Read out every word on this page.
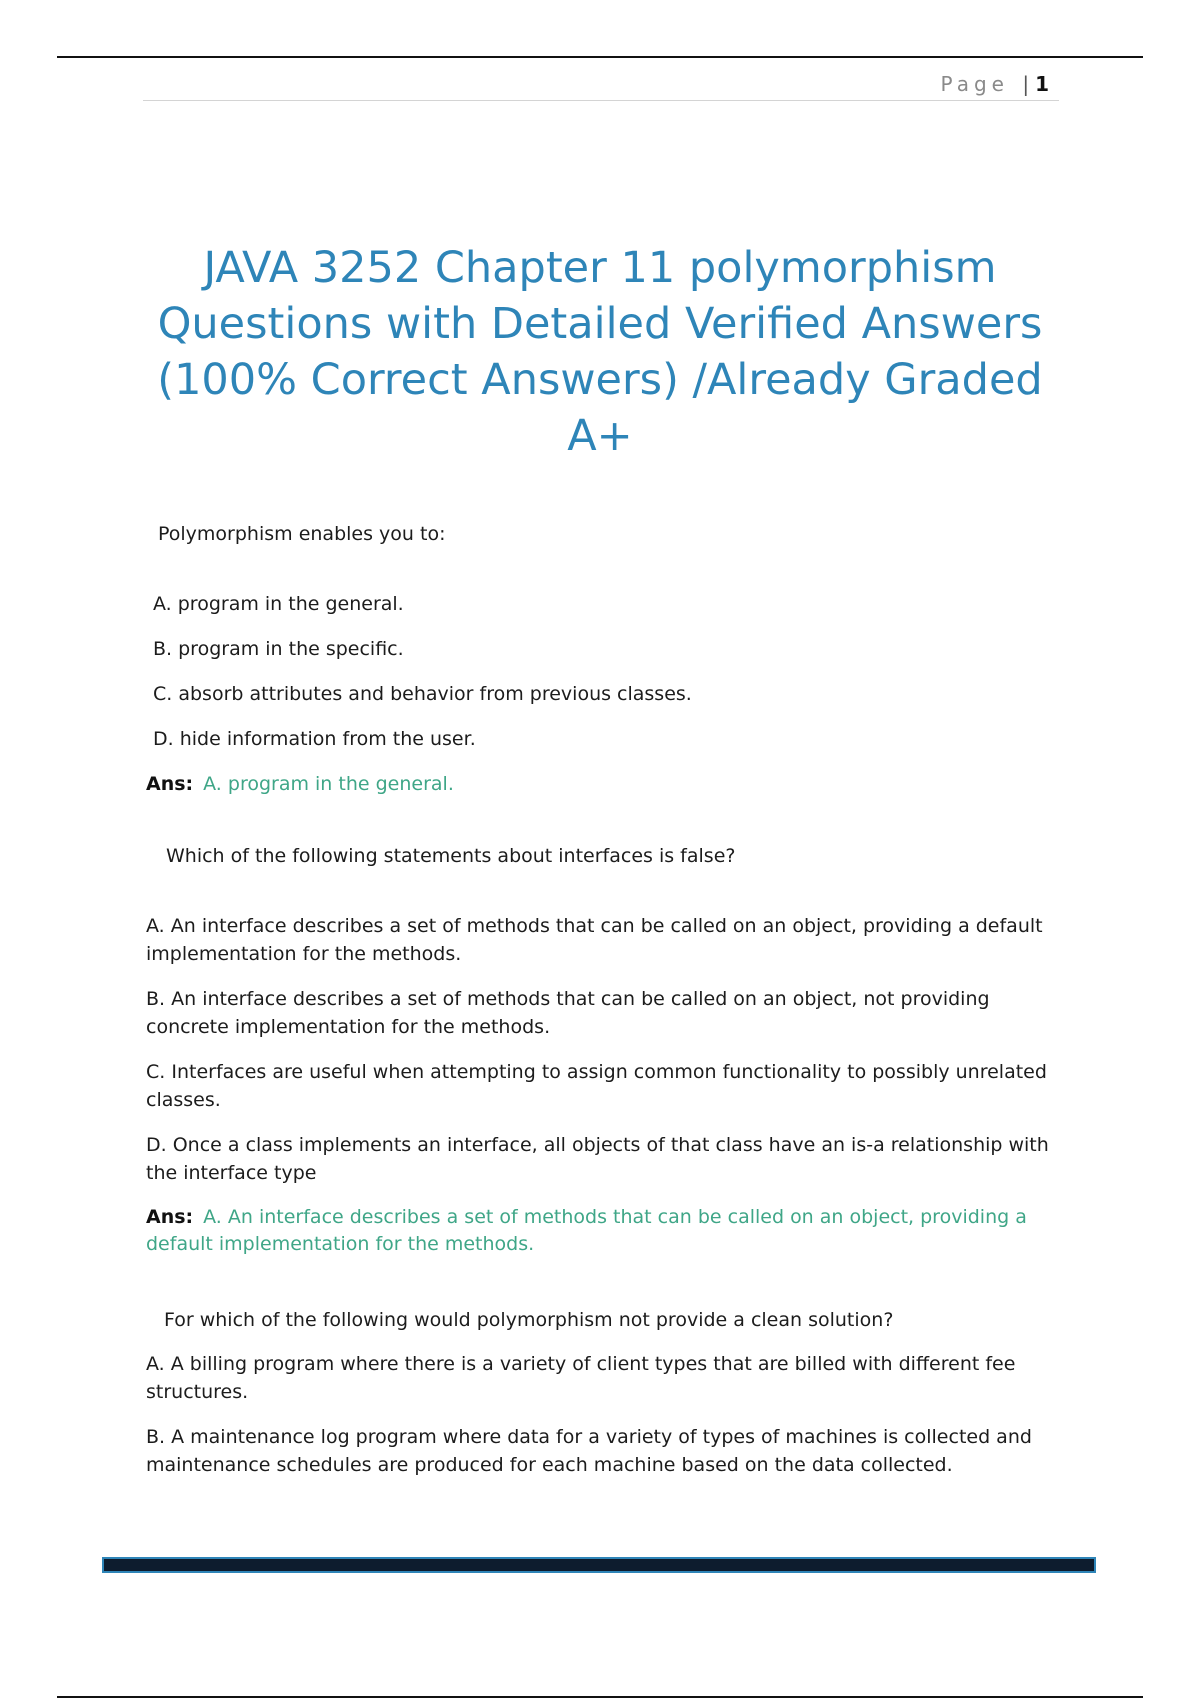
Page | 1
JAVA 3252 Chapter 11 polymorphism Questions with Detailed Verified Answers (100% Correct Answers) /Already Graded A+

Polymorphism enables you to:

A. program in the general.

B. program in the specific.

C. absorb attributes and behavior from previous classes.

D. hide information from the user.

Ans: A. program in the general.

Which of the following statements about interfaces is false?

A. An interface describes a set of methods that can be called on an object, providing a default implementation for the methods.

B. An interface describes a set of methods that can be called on an object, not providing concrete implementation for the methods.

C. Interfaces are useful when attempting to assign common functionality to possibly unrelated classes.

D. Once a class implements an interface, all objects of that class have an is-a relationship with the interface type

Ans: A. An interface describes a set of methods that can be called on an object, providing a default implementation for the methods.

For which of the following would polymorphism not provide a clean solution?

A. A billing program where there is a variety of client types that are billed with different fee structures.

B. A maintenance log program where data for a variety of types of machines is collected and maintenance schedules are produced for each machine based on the data collected.
